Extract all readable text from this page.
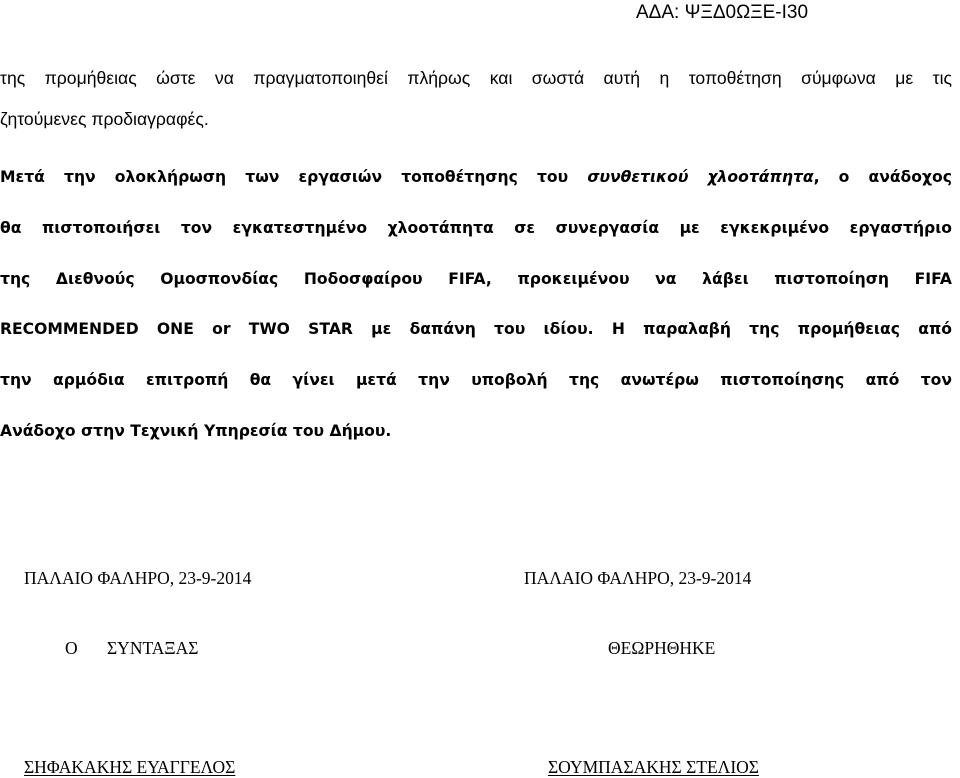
ΑΔΑ: ΨΞΔ0ΩΞΕ-Ι30
της προμήθειας ώστε να πραγματοποιηθεί πλήρως και σωστά αυτή η τοποθέτηση σύμφωνα με τις
ζητούμενες προδιαγραφές.
Μετά την ολοκλήρωση των εργασιών τοποθέτησης του συνθετικού χλοοτάπητα, ο ανάδοχος
θα πιστοποιήσει τον εγκατεστημένο χλοοτάπητα σε συνεργασία με εγκεκριμένο εργαστήριο
της Διεθνούς Ομοσπονδίας Ποδοσφαίρου FIFA, προκειμένου να λάβει πιστοποίηση FIFA
RECOMMENDED ONE or TWO STAR με δαπάνη του ιδίου. Η παραλαβή της προμήθειας από
την αρμόδια επιτροπή θα γίνει μετά την υποβολή της ανωτέρω πιστοποίησης από τον
Ανάδοχο στην Τεχνική Υπηρεσία του Δήμου.
ΠΑΛΑΙΟ ΦΑΛΗΡΟ, 23-9-2014	ΠΑΛΑΙΟ ΦΑΛΗΡΟ, 23-9-2014
Ο ΣΥΝΤΑΞΑΣ	ΘΕΩΡΗΘΗΚΕ
ΣΗΦΑΚΑΚΗΣ ΕΥΑΓΓΕΛΟΣ	ΣΟΥΜΠΑΣΑΚΗΣ ΣΤΕΛΙΟΣ
